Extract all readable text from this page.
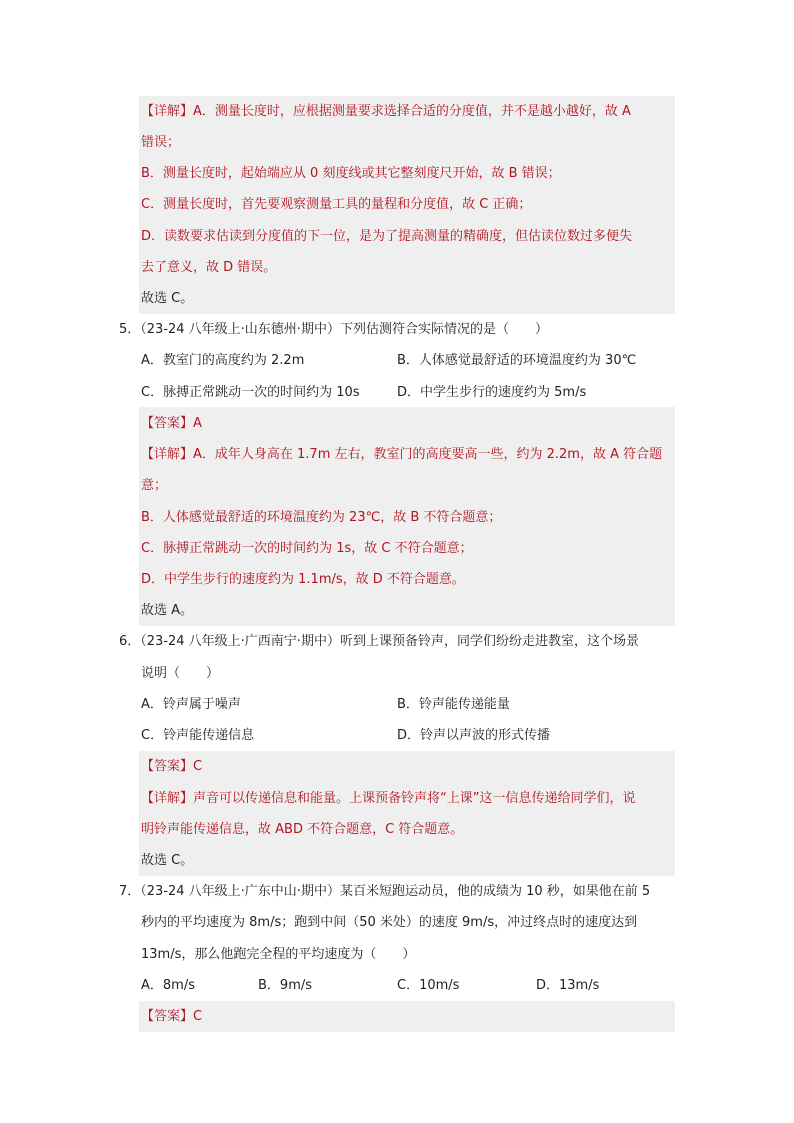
【详解】A．测量长度时，应根据测量要求选择合适的分度值，并不是越小越好，故 A
错误；
B．测量长度时，起始端应从 0 刻度线或其它整刻度尺开始，故 B 错误；
C．测量长度时，首先要观察测量工具的量程和分度值，故 C 正确；
D．读数要求估读到分度值的下一位，是为了提高测量的精确度，但估读位数过多便失
去了意义，故 D 错误。
故选 C。
5．（23-24 八年级上·山东德州·期中）下列估测符合实际情况的是（　　）
A．教室门的高度约为 2.2m	B．人体感觉最舒适的环境温度约为 30℃
C．脉搏正常跳动一次的时间约为 10s	D．中学生步行的速度约为 5m/s
【答案】A
【详解】A．成年人身高在 1.7m 左右，教室门的高度要高一些，约为 2.2m，故 A 符合题
意；
B．人体感觉最舒适的环境温度约为 23℃，故 B 不符合题意；
C．脉搏正常跳动一次的时间约为 1s，故 C 不符合题意；
D．中学生步行的速度约为 1.1m/s，故 D 不符合题意。
故选 A。
6．（23-24 八年级上·广西南宁·期中）听到上课预备铃声，同学们纷纷走进教室，这个场景
说明（　　）
A．铃声属于噪声	B．铃声能传递能量
C．铃声能传递信息	D．铃声以声波的形式传播
【答案】C
【详解】声音可以传递信息和能量。上课预备铃声将“上课”这一信息传递给同学们，说
明铃声能传递信息，故 ABD 不符合题意，C 符合题意。
故选 C。
7．（23-24 八年级上·广东中山·期中）某百米短跑运动员，他的成绩为 10 秒，如果他在前 5
秒内的平均速度为 8m/s；跑到中间（50 米处）的速度 9m/s，冲过终点时的速度达到
13m/s，那么他跑完全程的平均速度为（　　）
A．8m/s	B．9m/s	C．10m/s	D．13m/s
【答案】C
